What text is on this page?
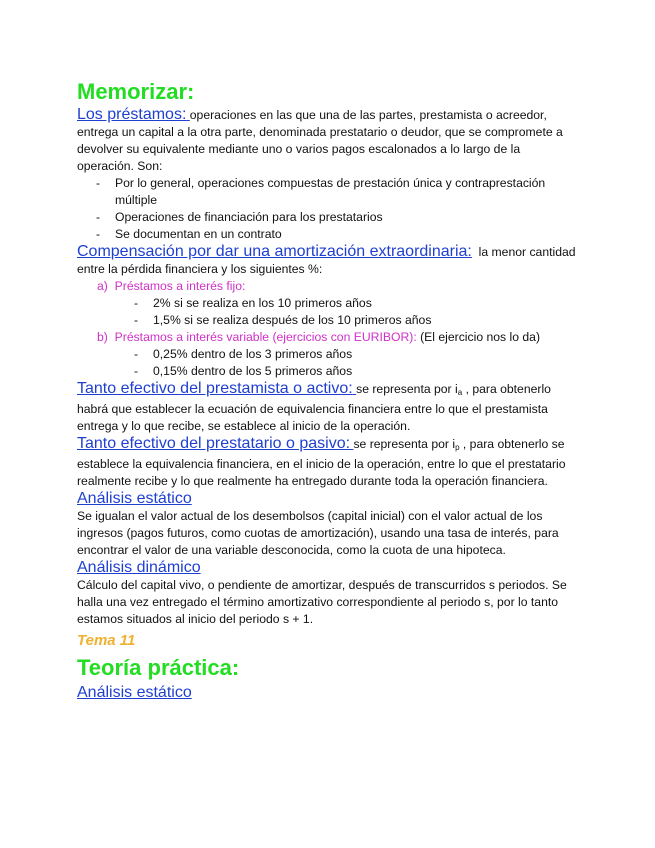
Memorizar:

Los préstamos: operaciones en las que una de las partes, prestamista o acreedor, entrega un capital a la otra parte, denominada prestatario o deudor, que se compromete a devolver su equivalente mediante uno o varios pagos escalonados a lo largo de la operación. Son:

- Por lo general, operaciones compuestas de prestación única y contraprestación múltiple
- Operaciones de financiación para los prestatarios
- Se documentan en un contrato

Compensación por dar una amortización extraordinaria: la menor cantidad entre la pérdida financiera y los siguientes %:

a) Préstamos a interés fijo:

- 2% si se realiza en los 10 primeros años
- 1,5% si se realiza después de los 10 primeros años

b) Préstamos a interés variable (ejercicios con EURIBOR): (El ejercicio nos lo da)

- 0,25% dentro de los 3 primeros años
- 0,15% dentro de los 5 primeros años

Tanto efectivo del prestamista o activo: se representa por $i_a$ , para obtenerlo habrá que establecer la ecuación de equivalencia financiera entre lo que el prestamista entrega y lo que recibe, se establece al inicio de la operación.

Tanto efectivo del prestatario o pasivo: se representa por $i_p$ , para obtenerlo se establece la equivalencia financiera, en el inicio de la operación, entre lo que el prestatario realmente recibe y lo que realmente ha entregado durante toda la operación financiera.

Análisis estático

Se igualan el valor actual de los desembolsos (capital inicial) con el valor actual de los ingresos (pagos futuros, como cuotas de amortización), usando una tasa de interés, para encontrar el valor de una variable desconocida, como la cuota de una hipoteca.

Análisis dinámico

Cálculo del capital vivo, o pendiente de amortizar, después de transcurridos s periodos. Se halla una vez entregado el término amortizativo correspondiente al periodo s, por lo tanto estamos situados al inicio del periodo s + 1.

Tema 11

Teoría práctica:

Análisis estático
